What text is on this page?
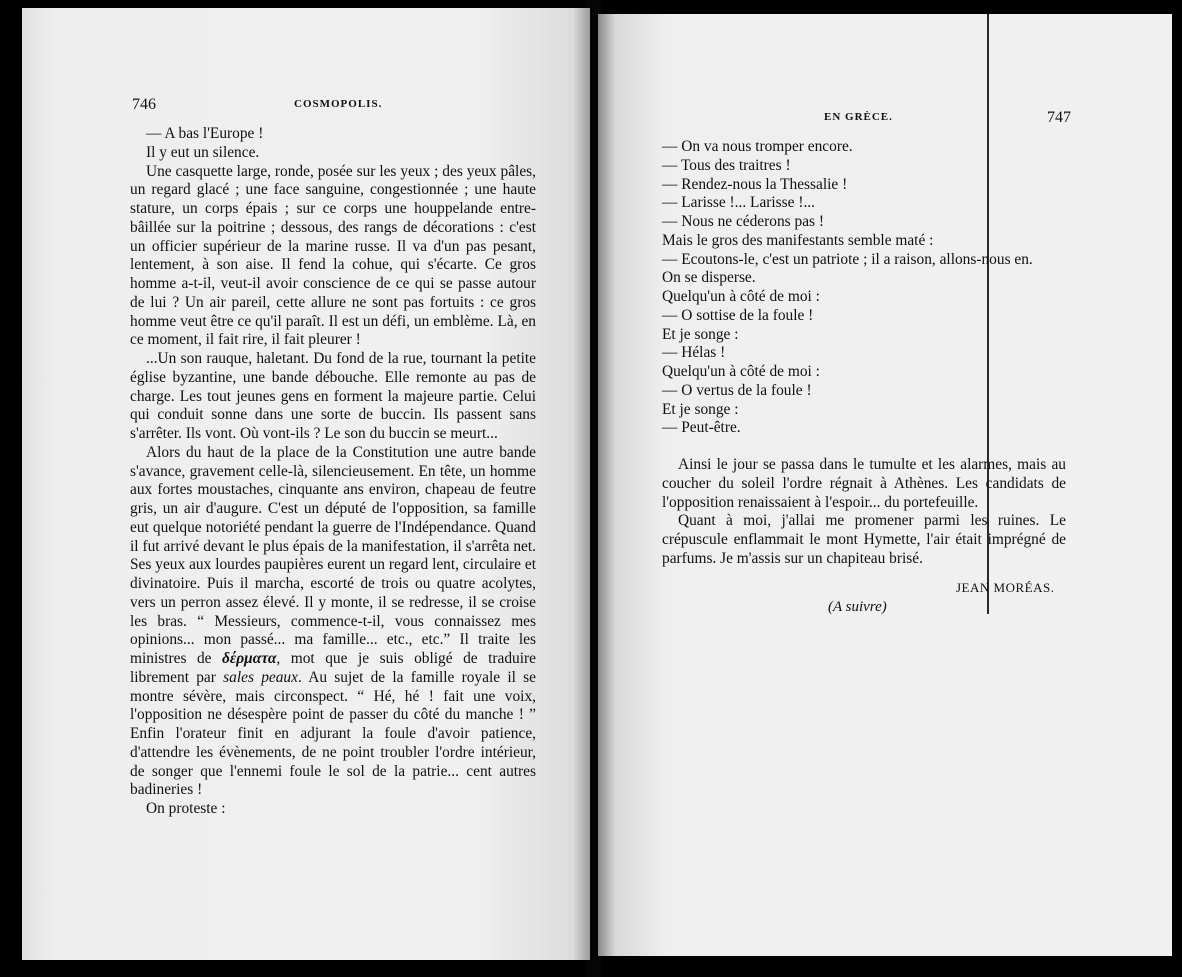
746	COSMOPOLIS.

— A bas l'Europe !

Il y eut un silence.

Une casquette large, ronde, posée sur les yeux ; des yeux pâles, un regard glacé ; une face sanguine, congestionnée ; une haute stature, un corps épais ; sur ce corps une houppelande entre-bâillée sur la poitrine ; dessous, des rangs de décorations : c'est un officier supérieur de la marine russe. Il va d'un pas pesant, lentement, à son aise. Il fend la cohue, qui s'écarte. Ce gros homme a-t-il, veut-il avoir conscience de ce qui se passe autour de lui ? Un air pareil, cette allure ne sont pas fortuits : ce gros homme veut être ce qu'il paraît. Il est un défi, un emblème. Là, en ce moment, il fait rire, il fait pleurer !

...Un son rauque, haletant. Du fond de la rue, tournant la petite église byzantine, une bande débouche. Elle remonte au pas de charge. Les tout jeunes gens en forment la majeure partie. Celui qui conduit sonne dans une sorte de buccin. Ils passent sans s'arrêter. Ils vont. Où vont-ils ? Le son du buccin se meurt...

Alors du haut de la place de la Constitution une autre bande s'avance, gravement celle-là, silencieusement. En tête, un homme aux fortes moustaches, cinquante ans environ, chapeau de feutre gris, un air d'augure. C'est un député de l'opposition, sa famille eut quelque notoriété pendant la guerre de l'Indépendance. Quand il fut arrivé devant le plus épais de la manifestation, il s'arrêta net. Ses yeux aux lourdes paupières eurent un regard lent, circulaire et divinatoire. Puis il marcha, escorté de trois ou quatre acolytes, vers un perron assez élevé. Il y monte, il se redresse, il se croise les bras. “ Messieurs, commence-t-il, vous connaissez mes opinions... mon passé... ma famille... etc., etc.” Il traite les ministres de δέρματα, mot que je suis obligé de traduire librement par sales peaux. Au sujet de la famille royale il se montre sévère, mais circonspect. “ Hé, hé ! fait une voix, l'opposition ne désespère point de passer du côté du manche ! ” Enfin l'orateur finit en adjurant la foule d'avoir patience, d'attendre les évènements, de ne point troubler l'ordre intérieur, de songer que l'ennemi foule le sol de la patrie... cent autres badineries !

On proteste :

EN GRÈCE.	747

— On va nous tromper encore.

— Tous des traitres !

— Rendez-nous la Thessalie !

— Larisse !... Larisse !...

— Nous ne céderons pas !

Mais le gros des manifestants semble maté :

— Ecoutons-le, c'est un patriote ; il a raison, allons-nous en.

On se disperse.

Quelqu'un à côté de moi :

— O sottise de la foule !

Et je songe :

— Hélas !

Quelqu'un à côté de moi :

— O vertus de la foule !

Et je songe :

— Peut-être.

Ainsi le jour se passa dans le tumulte et les alarmes, mais au coucher du soleil l'ordre régnait à Athènes. Les candidats de l'opposition renaissaient à l'espoir... du portefeuille.

Quant à moi, j'allai me promener parmi les ruines. Le crépuscule enflammait le mont Hymette, l'air était imprégné de parfums. Je m'assis sur un chapiteau brisé.

JEAN MORÉAS.
(A suivre)
